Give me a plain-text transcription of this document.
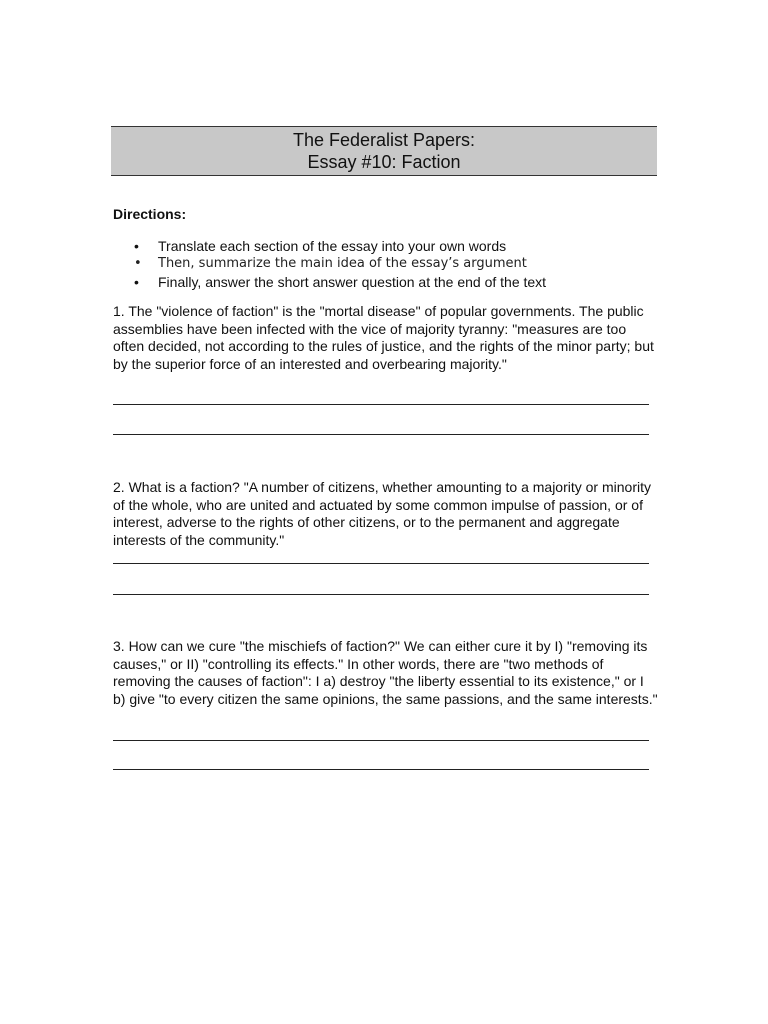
The Federalist Papers:
Essay #10: Faction
Directions:
• Translate each section of the essay into your own words
• Then, summarize the main idea of the essay’s argument
• Finally, answer the short answer question at the end of the text

1. The "violence of faction" is the "mortal disease" of popular governments. The public assemblies have been infected with the vice of majority tyranny: "measures are too often decided, not according to the rules of justice, and the rights of the minor party; but by the superior force of an interested and overbearing majority."

2. What is a faction? "A number of citizens, whether amounting to a majority or minority of the whole, who are united and actuated by some common impulse of passion, or of interest, adverse to the rights of other citizens, or to the permanent and aggregate interests of the community."

3. How can we cure "the mischiefs of faction?" We can either cure it by I) "removing its causes," or II) "controlling its effects." In other words, there are "two methods of removing the causes of faction": I a) destroy "the liberty essential to its existence," or I b) give "to every citizen the same opinions, the same passions, and the same interests."
